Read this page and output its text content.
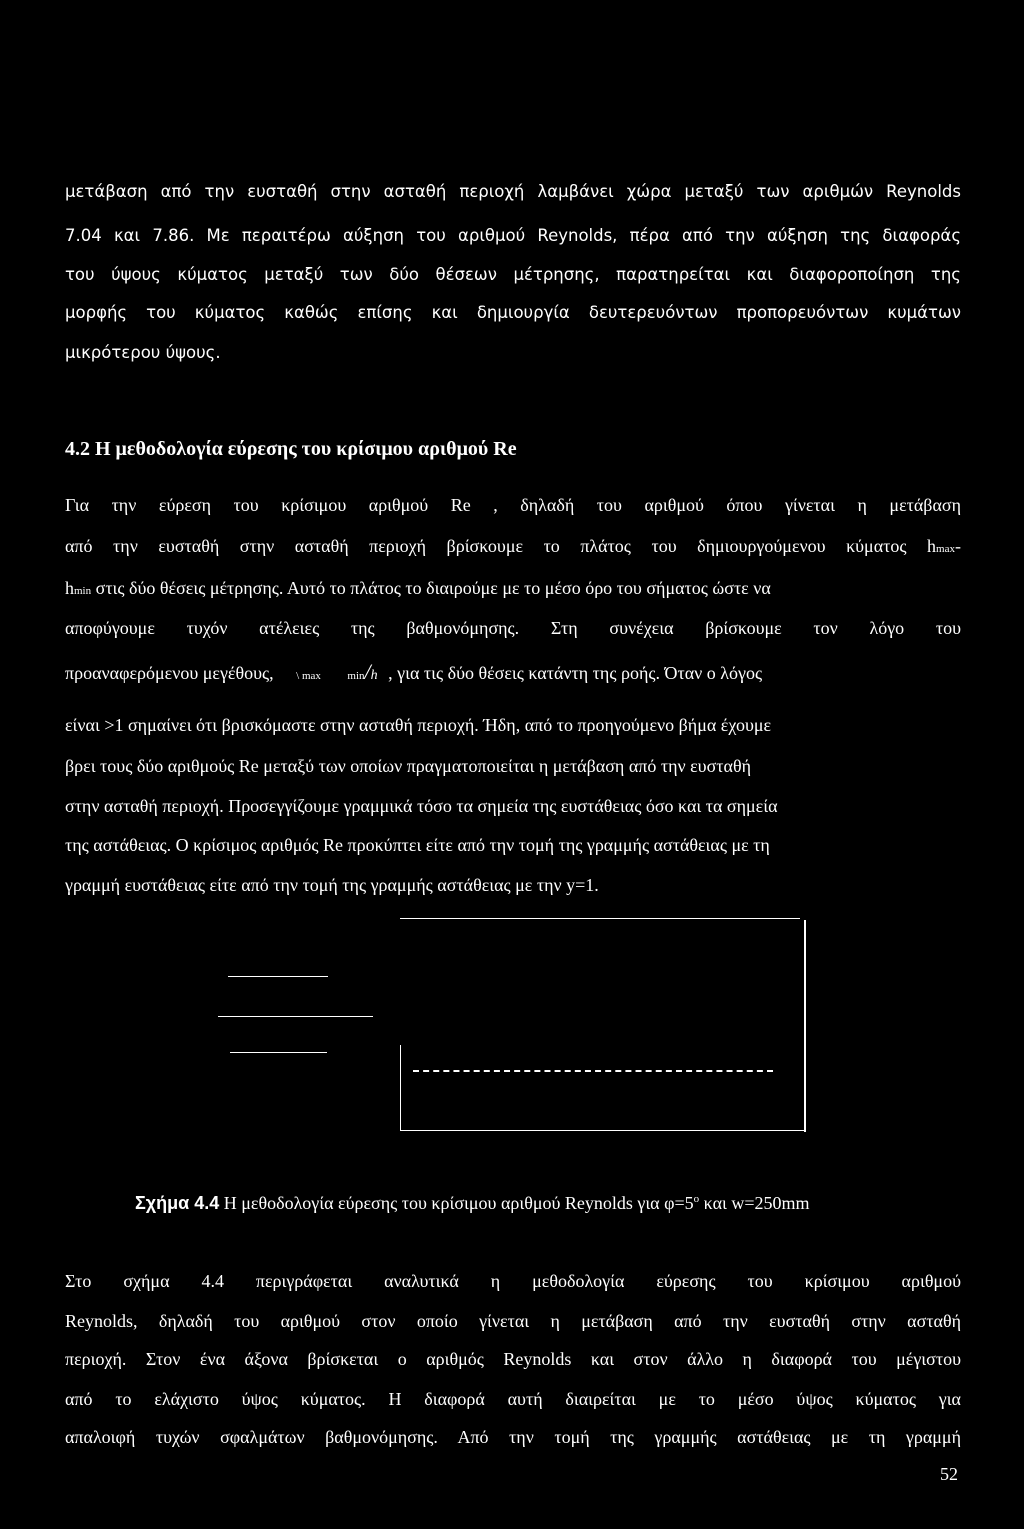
μετάβαση από την ευσταθή στην ασταθή περιοχή λαμβάνει χώρα μεταξύ των αριθμών Reynolds
7.04 και 7.86. Με περαιτέρω αύξηση του αριθμού Reynolds, πέρα από την αύξηση της διαφοράς
του ύψους κύματος μεταξύ των δύο θέσεων μέτρησης, παρατηρείται και διαφοροποίηση της
μορφής του κύματος καθώς επίσης και δημιουργία δευτερευόντων προπορευόντων κυμάτων
μικρότερου ύψους.
4.2 Η μεθοδολογία εύρεσης του κρίσιμου αριθμού Re
Για την εύρεση του κρίσιμου αριθμού Re , δηλαδή του αριθμού όπου γίνεται η μετάβαση
από την ευσταθή στην ασταθή περιοχή βρίσκουμε το πλάτος του δημιουργούμενου κύματος hmax-
hmin στις δύο θέσεις μέτρησης. Αυτό το πλάτος το διαιρούμε με το μέσο όρο του σήματος ώστε να
αποφύγουμε τυχόν ατέλειες της βαθμονόμησης. Στη συνέχεια βρίσκουμε τον λόγο του
προαναφερόμενου μεγέθους, \ max min/h , για τις δύο θέσεις κατάντη της ροής. Όταν ο λόγος
είναι >1 σημαίνει ότι βρισκόμαστε στην ασταθή περιοχή. Ήδη, από το προηγούμενο βήμα έχουμε
βρει τους δύο αριθμούς Re μεταξύ των οποίων πραγματοποιείται η μετάβαση από την ευσταθή
στην ασταθή περιοχή. Προσεγγίζουμε γραμμικά τόσο τα σημεία της ευστάθειας όσο και τα σημεία
της αστάθειας. Ο κρίσιμος αριθμός Re προκύπτει είτε από την τομή της γραμμής αστάθειας με τη
γραμμή ευστάθειας είτε από την τομή της γραμμής αστάθειας με την y=1.
Σχήμα 4.4 Η μεθοδολογία εύρεσης του κρίσιμου αριθμού Reynolds για $\varphi=5^o$ και w=250mm
Στο σχήμα 4.4 περιγράφεται αναλυτικά η μεθοδολογία εύρεσης του κρίσιμου αριθμού
Reynolds, δηλαδή του αριθμού στον οποίο γίνεται η μετάβαση από την ευσταθή στην ασταθή
περιοχή. Στον ένα άξονα βρίσκεται ο αριθμός Reynolds και στον άλλο η διαφορά του μέγιστου
από το ελάχιστο ύψος κύματος. Η διαφορά αυτή διαιρείται με το μέσο ύψος κύματος για
απαλοιφή τυχών σφαλμάτων βαθμονόμησης. Από την τομή της γραμμής αστάθειας με τη γραμμή
52
